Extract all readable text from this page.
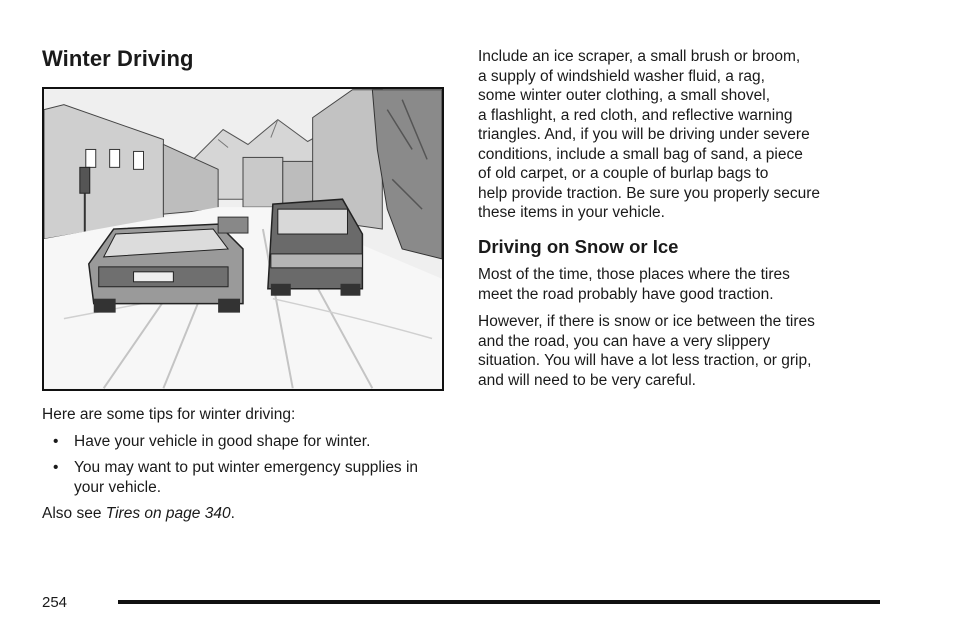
Winter Driving

Here are some tips for winter driving:

• Have your vehicle in good shape for winter.
• You may want to put winter emergency supplies in your vehicle.

Also see Tires on page 340.

Include an ice scraper, a small brush or broom,
a supply of windshield washer fluid, a rag,
some winter outer clothing, a small shovel,
a flashlight, a red cloth, and reflective warning
triangles. And, if you will be driving under severe
conditions, include a small bag of sand, a piece
of old carpet, or a couple of burlap bags to
help provide traction. Be sure you properly secure
these items in your vehicle.
Driving on Snow or Ice
Most of the time, those places where the tires
meet the road probably have good traction.
However, if there is snow or ice between the tires
and the road, you can have a very slippery
situation. You will have a lot less traction, or grip,
and will need to be very careful.
254
